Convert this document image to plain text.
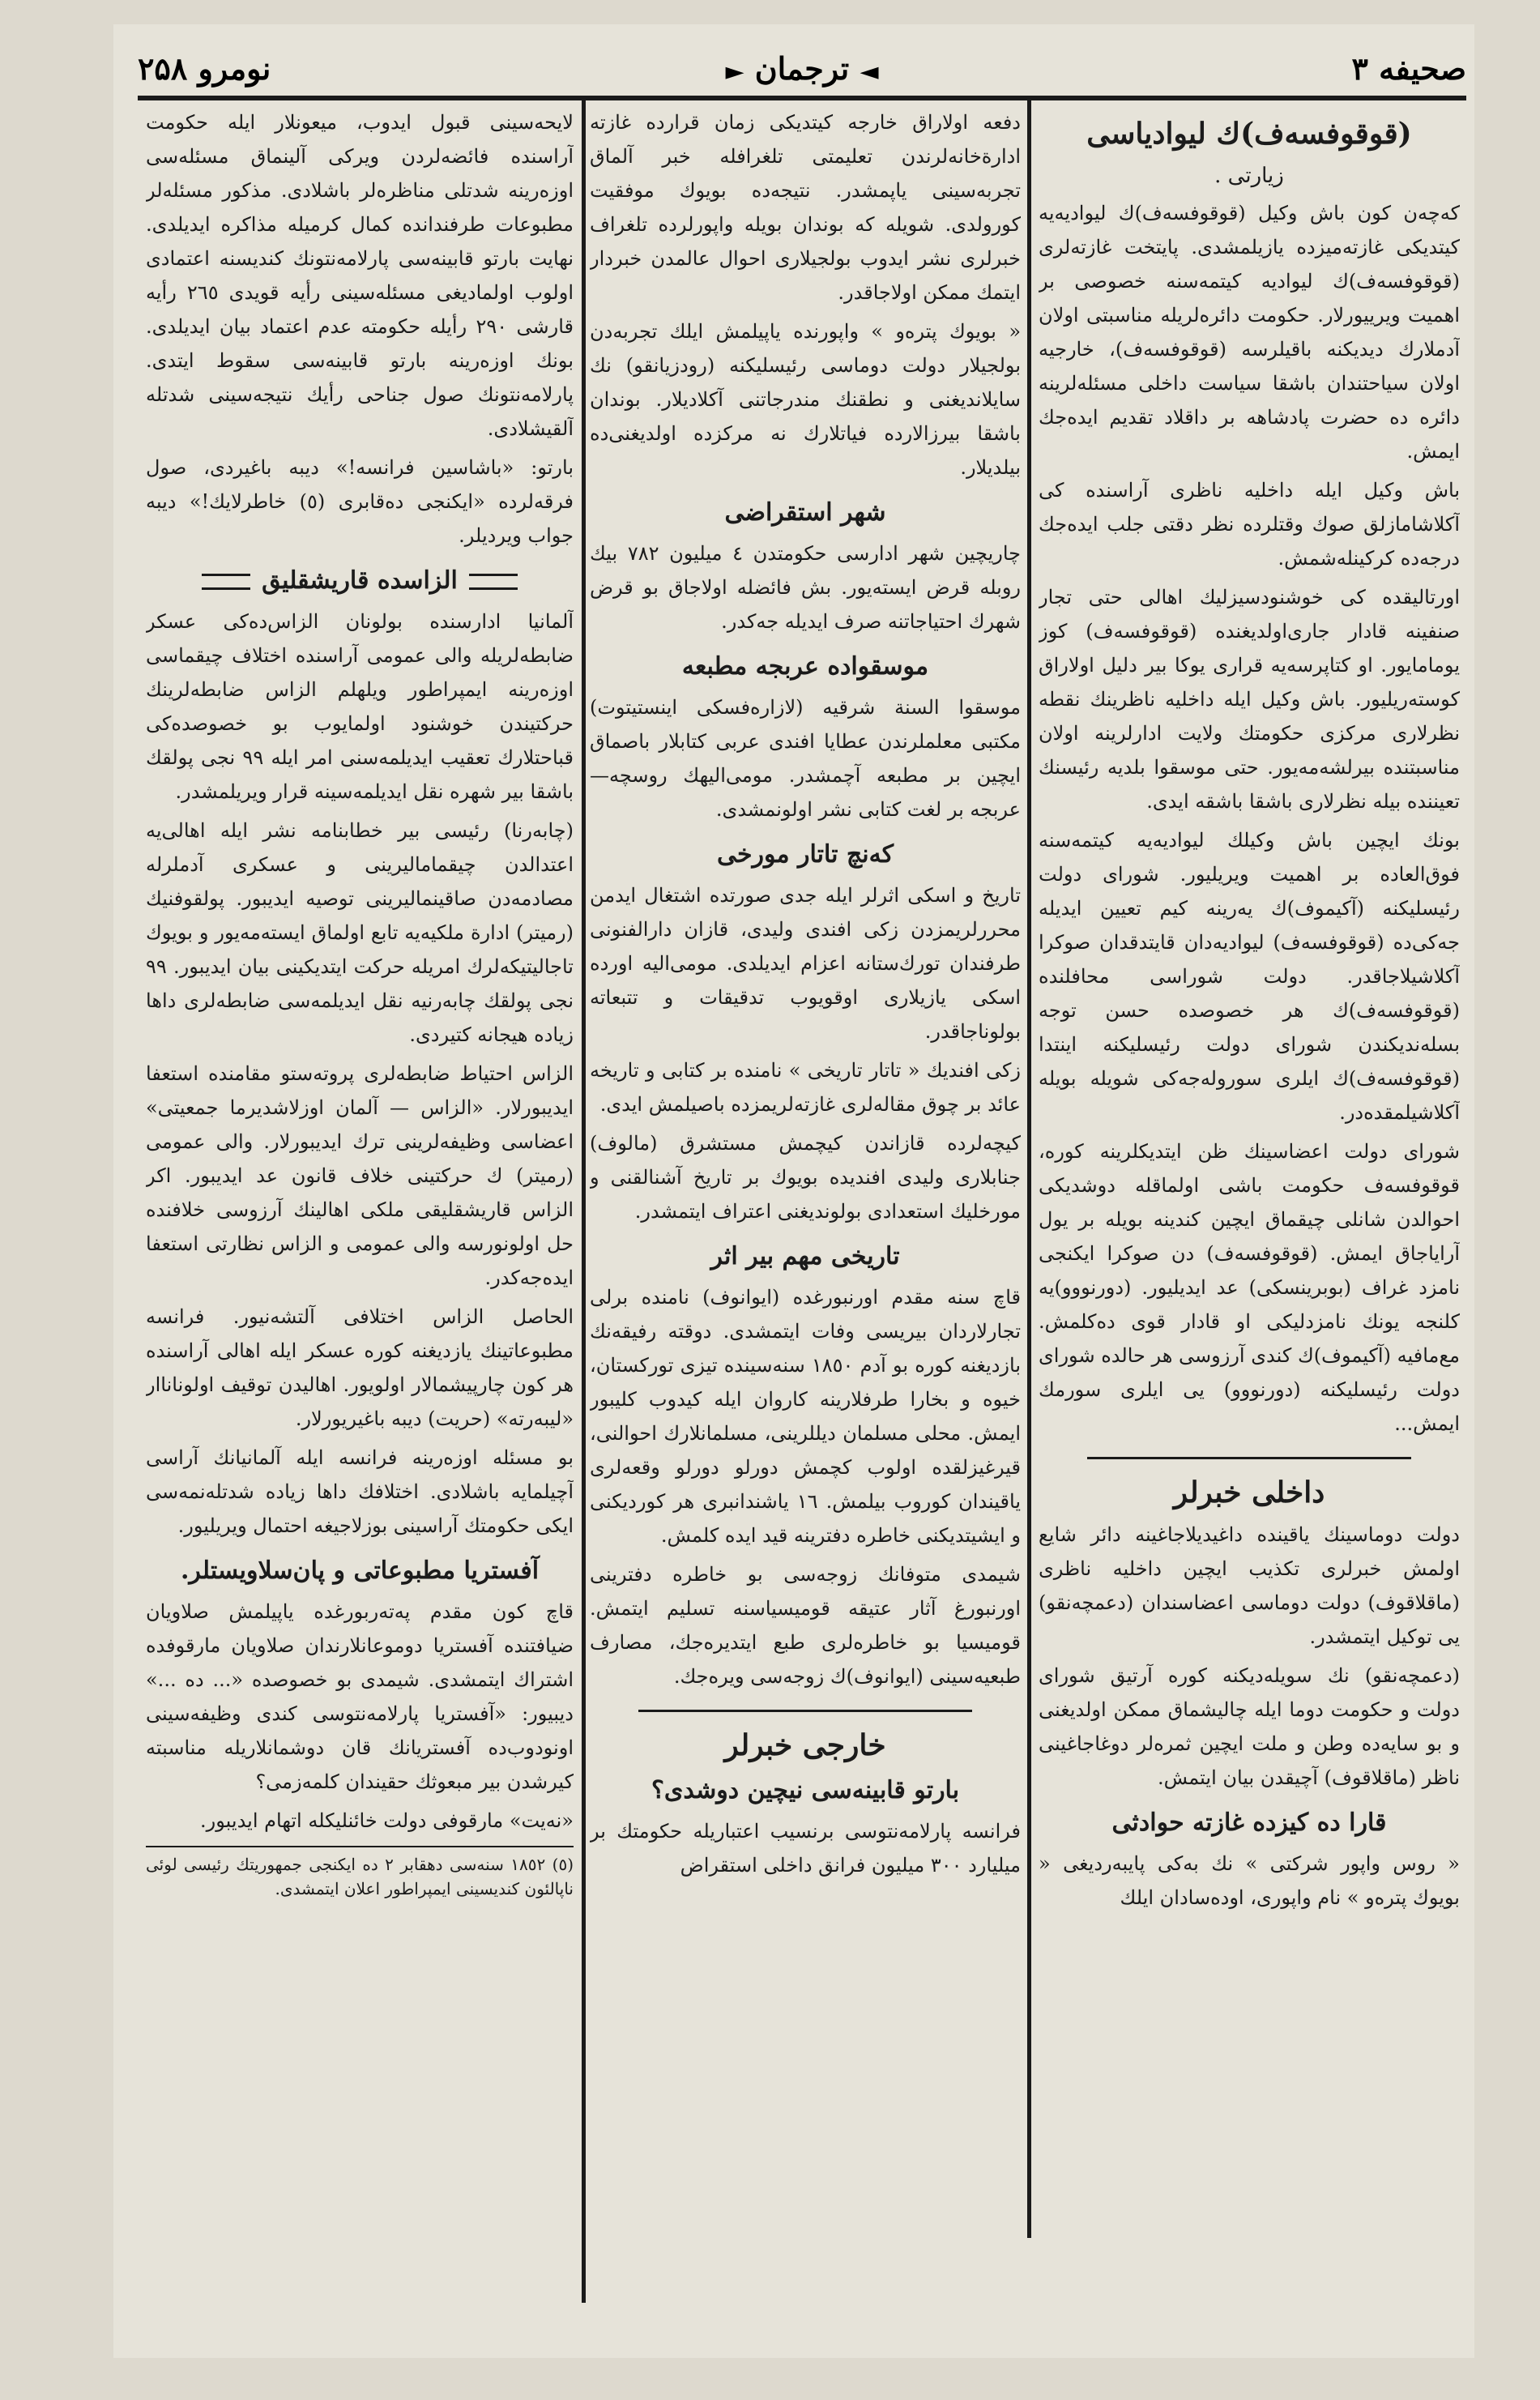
صحیفه ۳
◄ ترجمان ►
نومرو ۲۵۸
(قوقوفسه‌ف)‌ك ليوادياسى
زيارتى .

كه‌چه‌ن كون باش وكيل (قوقوفسه‌ف)‌ك ليواديه‌يه كيتديكى غازته‌ميزده يازيلمشدى. پايتخت غازته‌لرى (قوقوفسه‌ف)‌ك ليواديه كيتمه‌سنه خصوصى بر اهميت ويرييورلار. حكومت دائره‌لريله مناسبتى اولان آدملارك ديديكنه باقيلرسه (قوقوفسه‌ف)، خارجيه اولان سياحتندان باشقا سياست داخلى مسئله‌لرينه دائره ده حضرت پادشاهه بر داقلاد تقديم ايده‌جك ايمش.

باش وكيل ايله داخليه ناظرى آراسنده كى آكلاشامازلق صوك وقتلرده نظر دقتى جلب ايده‌جك درجه‌ده كركينله‌شمش.

اورتاليقده كى خوشنودسيزليك اهالى حتى تجار صنفينه قادار جارى‌اولديغنده (قوقوفسه‌ف) كوز يومامايور. او كتاپرسه‌يه قرارى يوكا بير دليل اولاراق كوسته‌ريليور. باش وكيل ايله داخليه ناظرينك نقطه نظرلارى مركزى حكومتك ولايت ادارلرينه اولان مناسبتنده بيرلشه‌مه‌يور. حتى موسقوا بلديه رئيسنك تعيننده بيله نظرلارى باشقا باشقه ايدى.

بونك ايچين باش وكيلك ليواديه‌يه كيتمه‌سنه فوق‌العاده بر اهميت ويريليور. شوراى دولت رئيسليكنه (آكيموف)‌ك يه‌رينه كيم تعيين ايديله جه‌كى‌ده (قوقوفسه‌ف) ليواديه‌دان قايتدقدان صوكرا آكلاشيلاجاقدر. دولت شوراسى محافلنده (قوقوفسه‌ف)‌ك هر خصوصده حسن توجه بسله‌نديكندن شوراى دولت رئيسليكنه اينتدا (قوقوفسه‌ف)‌ك ايلرى سوروله‌جه‌كى شويله بويله آكلاشيلمقده‌در.

شوراى دولت اعضاسينك ظن ايتديكلرينه كوره، قوقوفسه‌ف حكومت باشى اولماقله دوشديكى احوالدن شانلى چيقماق ايچين كندينه بويله بر يول آرايا‌جاق ايمش. (قوقوفسه‌ف) دن صوكرا ايكنجى نامزد غراف (بوبرينسكى) عد ايديليور. (دورنووو)‌يه كلنجه يونك نامزدليكى او قادار قوى ده‌كلمش. مع‌مافيه (آكيموف)‌ك كندى آرزوسى هر حالده شوراى دولت رئيسليكنه (دورنووو) يى ايلرى سورمك ايمش...

داخلى خبرلر

دولت دوماسينك ياقينده داغيديلاجاغينه دائر شايع اولمش خبرلرى تكذيب ايچين داخليه ناظرى (ماقلاقوف) دولت دوماسى اعضاسندان (دعمچه‌نقو) يى توكيل ايتمشدر.

(دعمچه‌نقو) نك سويله‌ديكنه كوره آرتيق شوراى دولت و حكومت دوما ايله چاليشماق ممكن اولديغنى و بو سايه‌ده وطن و ملت ايچين ثمره‌لر دوغاجاغينى ناظر (ماقلاقوف) آچيقدن بيان ايتمش.

قارا ده كيزده غازته حوادثى

« روس واپور شركتى » نك به‌كى پايبه‌رديغى « بويوك پتره‌و » نام واپورى، اوده‌سادان ايلك

دفعه اولاراق خارجه كيتديكى زمان قرارده غازته ادارةخانه‌لرندن تعليمتى تلغرافله خبر آلماق تجربه‌سينى ياپمشدر. نتيجه‌ده بويوك موفقيت كورولدى. شويله كه بوندان بويله واپورلرده تلغراف خبرلرى نشر ايدوب بولجيلارى احوال عالمدن خبردار ايتمك ممكن اولاجاقدر.

« بويوك پتره‌و » واپورنده ياپيلمش ايلك تجربه‌دن بولجيلار دولت دوماسى رئيسليكنه (رودزيانقو) نك سايلانديغنى و نطقنك مندرجاتنى آكلاديلار. بوندان باشقا بيرزالارده فياتلارك نه مركزده اولديغنى‌ده بيلديلار.

شهر استقراضى

چاريچين شهر ادارسى حكومتدن ٤ ميليون ٧٨٢ بيك روبله قرض ايسته‌يور. بش فائضله اولاجاق بو قرض شهرك احتياجاتنه صرف ايديله جه‌كدر.

موسقواده عربجه مطبعه

موسقوا السنة شرقيه (لازاره‌فسكى اينستيتوت) مكتبى معلملرندن عطايا افندى عربى كتابلار باصماق ايچين بر مطبعه آچمشدر. مومى‌اليهك روسچه—عربجه بر لغت كتابى نشر اولونمشدى.

كه‌نچ تاتار مورخى

تاريخ و اسكى اثرلر ايله جدى صورتده اشتغال ايدمن محررلريمزدن زكى افندى وليدى، قازان دارالفنونى طرفندان تورك‌ستانه اعزام ايديلدى. مومى‌اليه اورده اسكى يازيلارى اوقويوب تدقيقات و تتبعاته بولوناجاقدر.

زكى افنديك « تاتار تاريخى » نامنده بر كتابى و تاريخه عائد بر چوق مقاله‌لرى غازته‌لريمزده باصيلمش ايدى.

كيچه‌لرده قازاندن كيچمش مستشرق (مالوف) جنابلارى وليدى افنديده بويوك بر تاريخ آشنالقنى و مورخليك استعدادى بولونديغنى اعتراف ايتمشدر.

تاريخى مهم بير اثر

قاچ سنه مقدم اورنبورغده (ايوانوف) نامنده برلى تجارلاردان بيريسى وفات ايتمشدى. دوقته رفيقه‌نك بازديغنه كوره بو آدم ١٨٥٠ سنه‌سينده تيزى توركستان، خيوه و بخارا طرفلارينه كاروان ايله كيدوب كليبور ايمش. محلى مسلمان ديللرينى، مسلمانلارك احوالنى، قيرغيزلقده اولوب كچمش دورلو دورلو وقعه‌لرى ياقيندان كوروب بيلمش. ١٦ ياشندانبرى هر كورديكنى و ايشيتديكنى خاطره دفترينه قيد ايده كلمش.

شيمدى متوفانك زوجه‌سى بو خاطره دفترينى اورنبورغ آثار عتيقه قوميسياسنه تسليم ايتمش. قوميسيا بو خاطره‌لرى طبع ايتديره‌جك، مصارف طبعيه‌سينى (ايوانوف)‌ك زوجه‌سى ويره‌جك.

خارجى خبرلر
بارتو قابينه‌سى نيچين دوشدى؟

فرانسه پارلامه‌نتوسى برنسيب اعتباريله حكومتك بر ميليارد ٣٠٠ ميليون فرانق داخلى استقراض

لايحه‌سينى قبول ايدوب، ميعونلار ايله حكومت آراسنده فائضه‌لردن ويركى آلينماق مسئله‌سى اوزه‌رينه شدتلى مناظره‌لر باشلادى. مذكور مسئله‌لر مطبوعات طرفندانده كمال كرميله مذاكره ايديلدى. نهايت بارتو قابينه‌سى پارلامه‌نتونك كنديسنه اعتمادى اولوب اولماديغى مسئله‌سينى رأيه قويدى ٢٦٥ رأيه قارشى ٢٩٠ رأيله حكومته عدم اعتماد بيان ايديلدى. بونك اوزه‌رينه بارتو قابينه‌سى سقوط ايتدى. پارلامه‌نتونك صول جناحى رأيك نتيجه‌سينى شدتله آلقيشلادى.

بارتو: «باشاسين فرانسه!» ديبه باغيردى، صول فرقه‌لرده «ايكنجى ده‌قابرى (٥) خاطرلايك!» ديبه جواب ويرديلر.

الزاسده قاريشقليق

آلمانيا ادارسنده بولونان الزاس‌ده‌كى عسكر ضابطه‌لريله والى عمومى آراسنده اختلاف چيقماسى اوزه‌رينه ايمپراطور ويلهلم الزاس ضابطه‌لرينك حركتيندن خوشنود اولمايوب بو خصوصده‌كى قباحتلارك تعقيب ايديلمه‌سنى امر ايله ٩٩ نجى پولقك باشقا بير شهره نقل ايديلمه‌سينه قرار ويريلمشدر.

(چابه‌رنا) رئيسى بير خطابنامه نشر ايله اهالى‌يه اعتدالدن چيقماماليرينى و عسكرى آدملرله مصادمه‌دن صاقينماليرينى توصيه ايديبور. پولقوفنيك (رميتر) ادارة ملكيه‌يه تابع اولماق ايسته‌مه‌يور و بويوك تاجاليتيكه‌لرك امريله حركت ايتديكينى بيان ايديبور. ٩٩ نجى پولقك چابه‌رنيه نقل ايديلمه‌سى ضابطه‌لرى داها زياده هيجانه كتيردى.

الزاس احتياط ضابطه‌لرى پروته‌ستو مقامنده استعفا ايديبورلار. «الزاس — آلمان اوزلاشديرما جمعيتى» اعضاسى وظيفه‌لرينى ترك ايديبورلار. والى عمومى (رميتر) ك حركتينى خلاف قانون عد ايديبور. اكر الزاس قاريشقليقى ملكى اهالينك آرزوسى خلافنده حل اولونورسه والى عمومى و الزاس نظارتى استعفا ايده‌جه‌كدر.

الحاصل الزاس اختلافى آلتشه‌نيور. فرانسه مطبوعاتينك يازديغنه كوره عسكر ايله اهالى آراسنده هر كون چارپيشمالار اولويور. اهاليدن توقيف اولوناناار «ليبه‌رته» (حريت) ديبه باغيريورلار.

بو مسئله اوزه‌رينه فرانسه ايله آلمانيانك آراسى آچيلمايه باشلادى. اختلافك داها زياده شدتله‌نمه‌سى ايكى حكومتك آراسينى بوزلاجيغه احتمال ويريليور.

آفستريا مطبوعاتى و پان‌سلاويستلر.

قاچ كون مقدم په‌ته‌ربورغده ياپيلمش صلاويان ضيافتنده آفستريا دوموعانلارندان صلاويان مارقوفده اشتراك ايتمشدى. شيمدى بو خصوصده «... ده‌ ...» ديبيور: «آفستريا پارلامه‌نتوسى كندى وظيفه‌سينى اونودوب‌ده آفستريانك قان دوشمانلاريله مناسبته كيرشدن بير مبعوثك حقيندان كلمه‌زمى؟

«نه‌يت» مارقوفى دولت خائنليكله اتهام ايديبور.

(٥) ١٨٥٢ سنه‌سى دهقابر ٢ ده ايكنجى جمهوريتك رئيسى لوئى ناپالئون كنديسينى ايمپراطور اعلان ايتمشدى.
